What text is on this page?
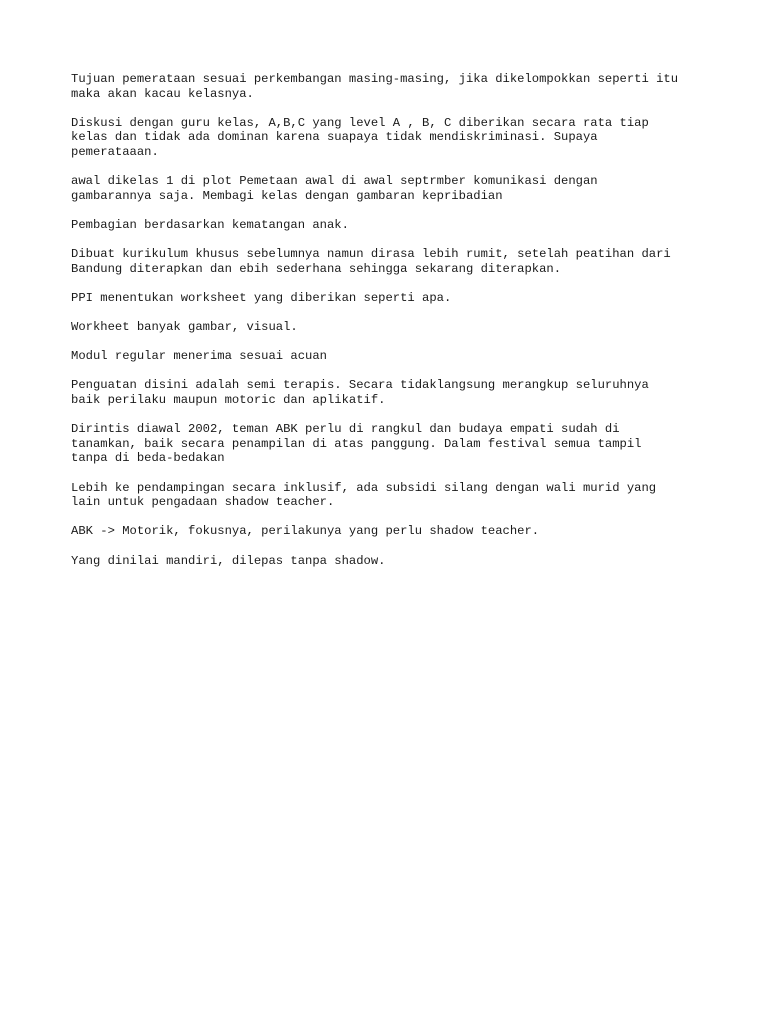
Tujuan pemerataan sesuai perkembangan masing-masing, jika dikelompokkan seperti itu
maka akan kacau kelasnya.

Diskusi dengan guru kelas, A,B,C yang level A , B, C diberikan secara rata tiap
kelas dan tidak ada dominan karena suapaya tidak mendiskriminasi. Supaya
pemerataaan.

awal dikelas 1 di plot Pemetaan awal di awal septrmber komunikasi dengan
gambarannya saja. Membagi kelas dengan gambaran kepribadian

Pembagian berdasarkan kematangan anak.

Dibuat kurikulum khusus sebelumnya namun dirasa lebih rumit, setelah peatihan dari
Bandung diterapkan dan ebih sederhana sehingga sekarang diterapkan.

PPI menentukan worksheet yang diberikan seperti apa.

Workheet banyak gambar, visual.

Modul regular menerima sesuai acuan

Penguatan disini adalah semi terapis. Secara tidaklangsung merangkup seluruhnya
baik perilaku maupun motoric dan aplikatif.

Dirintis diawal 2002, teman ABK perlu di rangkul dan budaya empati sudah di
tanamkan, baik secara penampilan di atas panggung. Dalam festival semua tampil
tanpa di beda-bedakan

Lebih ke pendampingan secara inklusif, ada subsidi silang dengan wali murid yang
lain untuk pengadaan shadow teacher.

ABK -> Motorik, fokusnya, perilakunya yang perlu shadow teacher.

Yang dinilai mandiri, dilepas tanpa shadow.
